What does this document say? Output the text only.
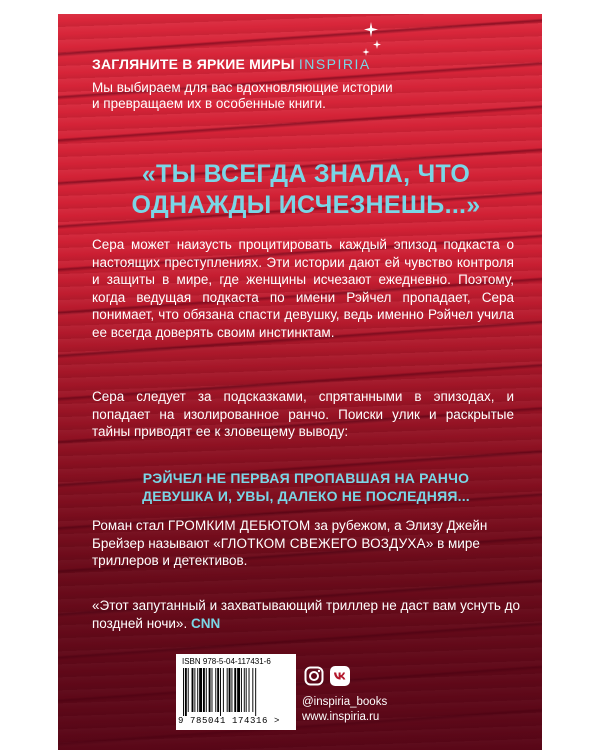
ЗАГЛЯНИТЕ В ЯРКИЕ МИРЫ INSPIRIA
Мы выбираем для вас вдохновляющие истории
и превращаем их в особенные книги.
«ТЫ ВСЕГДА ЗНАЛА, ЧТО
ОДНАЖДЫ ИСЧЕЗНЕШЬ...»
Сера может наизусть процитировать каждый эпизод подкаста о настоящих преступлениях. Эти истории дают ей чувство контроля и защиты в мире, где женщины исчезают ежедневно. Поэтому, когда ведущая подкаста по имени Рэйчел пропадает, Сера понимает, что обязана спасти девушку, ведь именно Рэйчел учила ее всегда доверять своим инстинктам.
Сера следует за подсказками, спрятанными в эпизодах, и попадает на изолированное ранчо. Поиски улик и раскрытые тайны приводят ее к зловещему выводу:
РЭЙЧЕЛ НЕ ПЕРВАЯ ПРОПАВШАЯ НА РАНЧО
ДЕВУШКА И, УВЫ, ДАЛЕКО НЕ ПОСЛЕДНЯЯ...
Роман стал ГРОМКИМ ДЕБЮТОМ за рубежом, а Элизу Джейн Брейзер называют «ГЛОТКОМ СВЕЖЕГО ВОЗДУХА» в мире триллеров и детективов.
«Этот запутанный и захватывающий триллер не даст вам уснуть до поздней ночи». CNN
ISBN 978-5-04-117431-6
9 785041 174316 >
@inspiria_books
www.inspiria.ru
